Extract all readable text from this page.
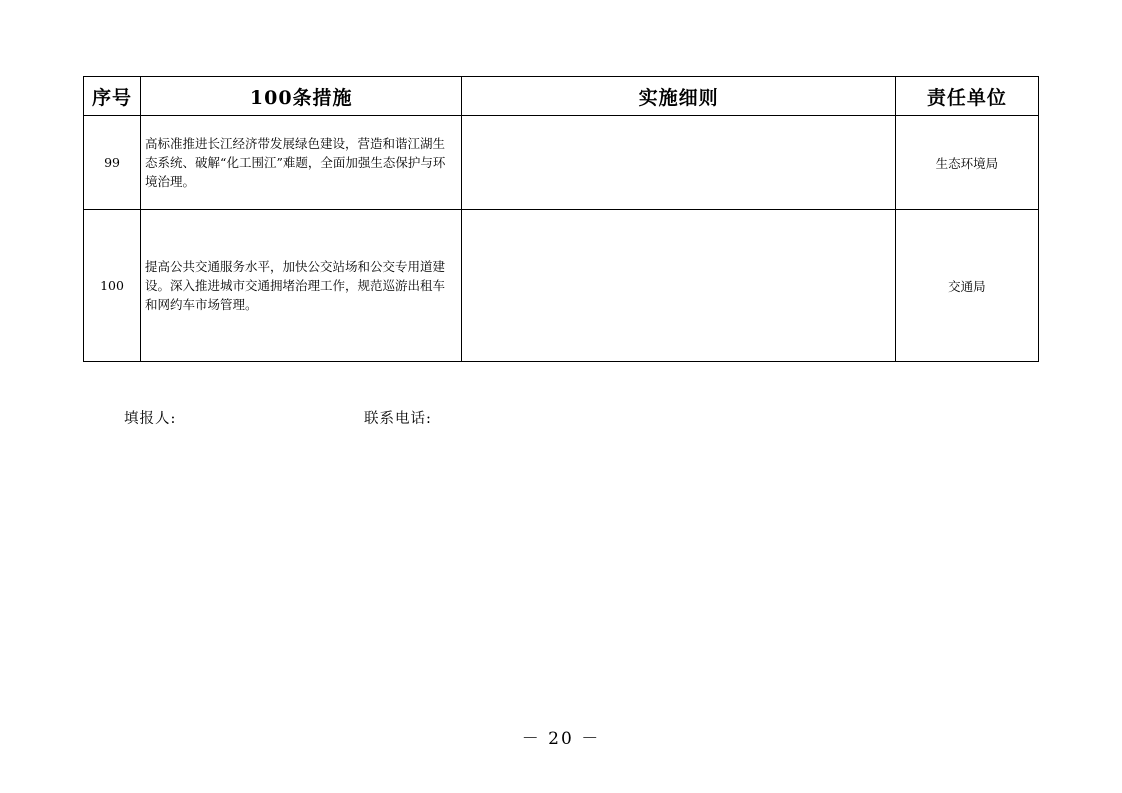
序号	100条措施	实施细则	责任单位
99	高标准推进长江经济带发展绿色建设，营造和谐江湖生态系统、破解“化工围江”难题，全面加强生态保护与环境治理。		生态环境局
100	提高公共交通服务水平，加快公交站场和公交专用道建设。深入推进城市交通拥堵治理工作，规范巡游出租车和网约车市场管理。		交通局
填报人:	联系电话:
－ 20 －
